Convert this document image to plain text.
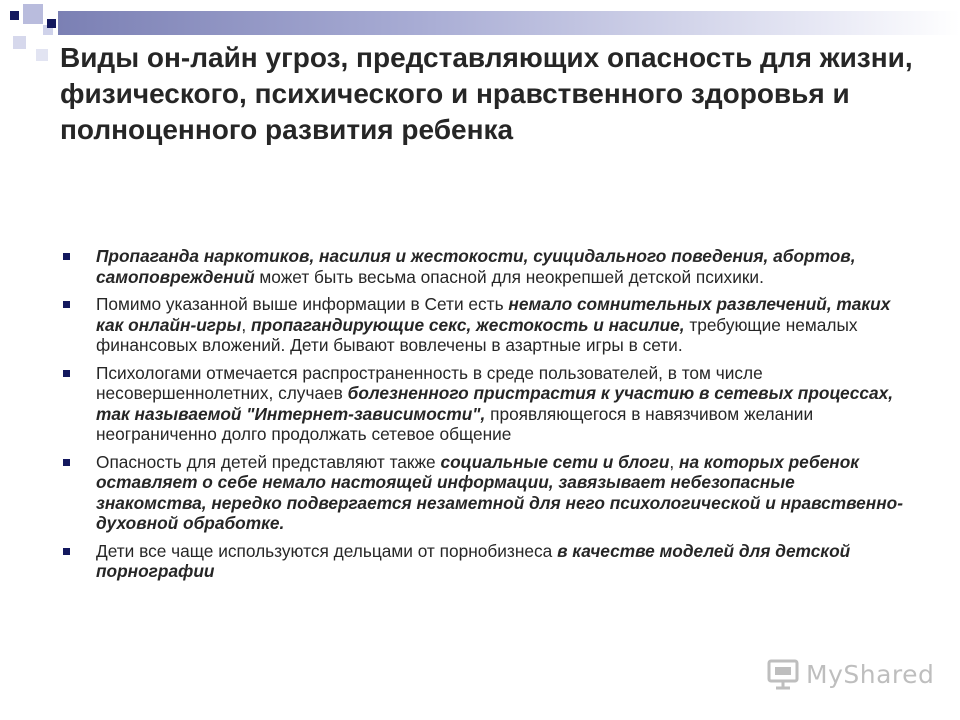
Виды он-лайн угроз, представляющих опасность для жизни, физического, психического и нравственного здоровья и полноценного развития ребенка
Пропаганда наркотиков, насилия и жестокости, суицидального поведения, абортов, самоповреждений может быть весьма опасной для неокрепшей детской психики.
Помимо указанной выше информации в Сети есть немало сомнительных развлечений, таких как онлайн-игры, пропагандирующие секс, жестокость и насилие, требующие немалых финансовых вложений. Дети бывают вовлечены в азартные игры в сети.
Психологами отмечается распространенность в среде пользователей, в том числе несовершеннолетних, случаев болезненного пристрастия к участию в сетевых процессах, так называемой "Интернет-зависимости", проявляющегося в навязчивом желании неограниченно долго продолжать сетевое общение
Опасность для детей представляют также социальные сети и блоги, на которых ребенок оставляет о себе немало настоящей информации, завязывает небезопасные знакомства, нередко подвергается незаметной для него психологической и нравственно-духовной обработке.
Дети все чаще используются дельцами от порнобизнеса в качестве моделей для детской порнографии
MyShared
